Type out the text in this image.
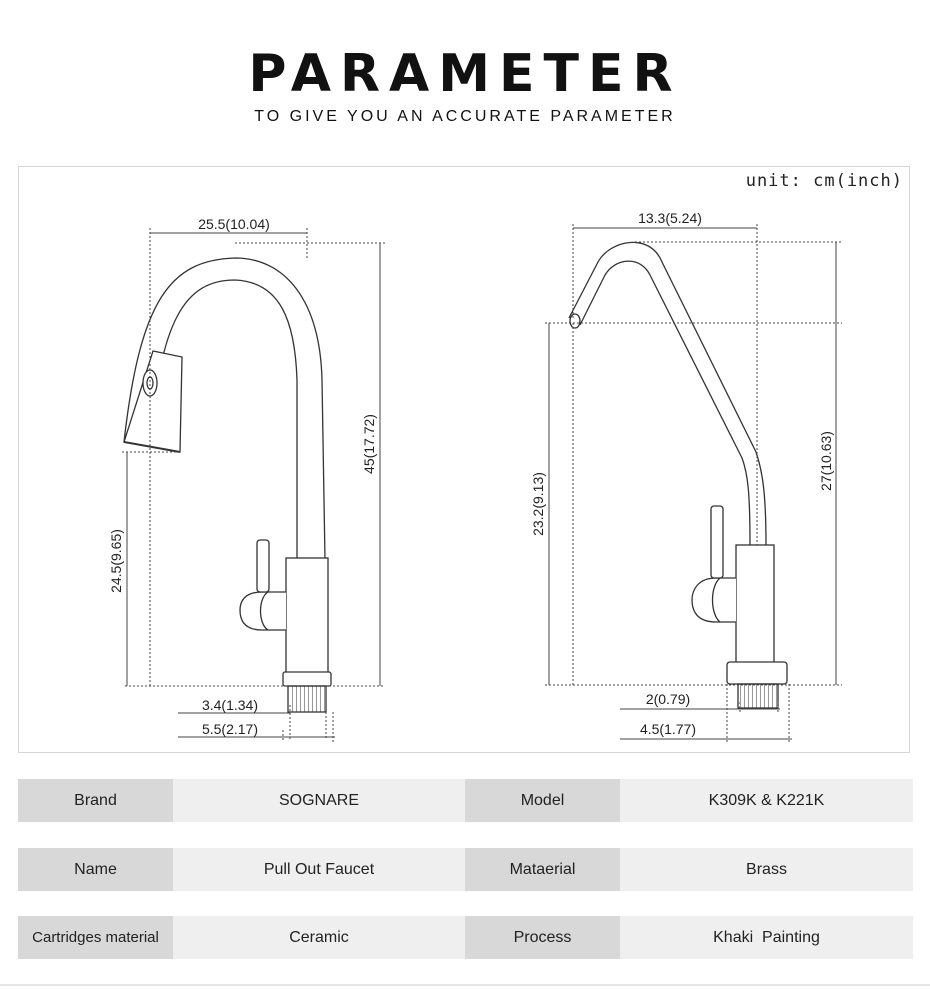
PARAMETER
TO GIVE YOU AN ACCURATE PARAMETER
unit: cm(inch)
25.5(10.04)
45(17.72)
24.5(9.65)
3.4(1.34)
5.5(2.17)
13.3(5.24)
27(10.63)
23.2(9.13)
2(0.79)
4.5(1.77)
Brand	SOGNARE	Model	K309K & K221K
Name	Pull Out Faucet	Mataerial	Brass
Cartridges material	Ceramic	Process	Khaki  Painting
